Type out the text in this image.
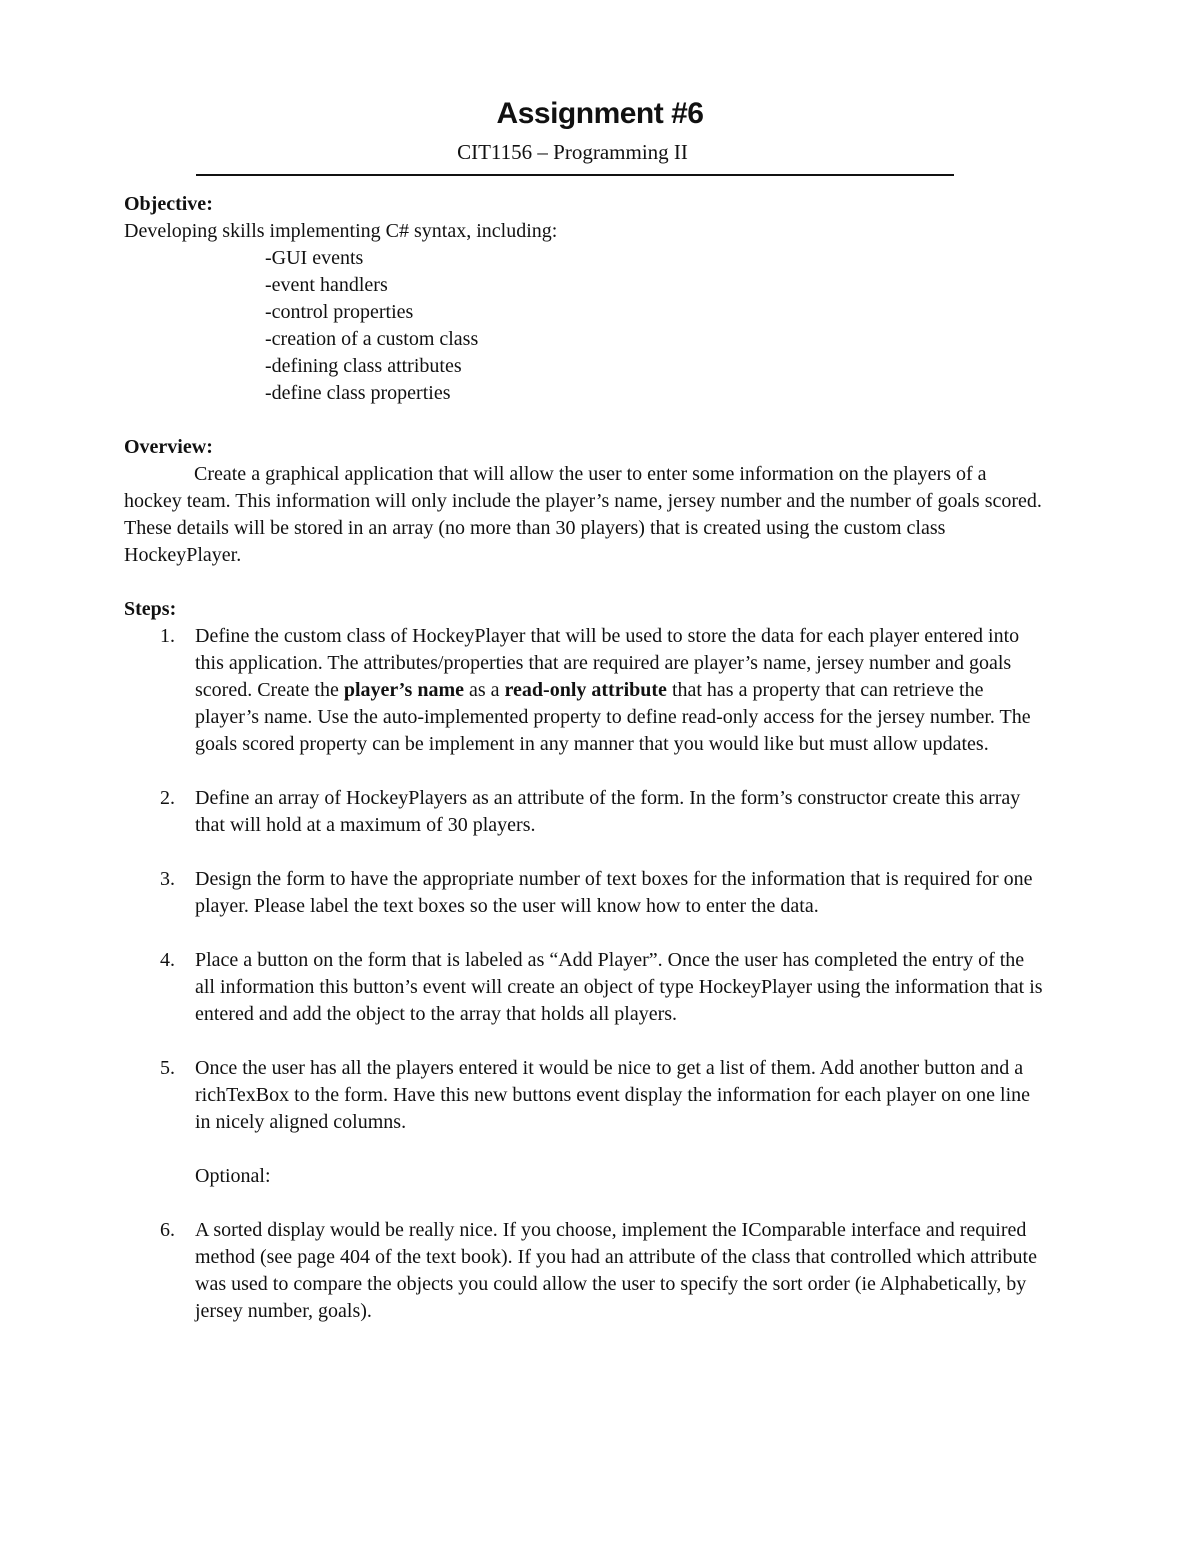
Assignment #6
CIT1156 – Programming II

Objective:

Developing skills implementing C# syntax, including:

-GUI events
-event handlers
-control properties
-creation of a custom class
-defining class attributes
-define class properties

Overview:

Create a graphical application that will allow the user to enter some information on the players of a hockey team. This information will only include the player’s name, jersey number and the number of goals scored. These details will be stored in an array (no more than 30 players) that is created using the custom class HockeyPlayer.

Steps:

1. Define the custom class of HockeyPlayer that will be used to store the data for each player entered into this application. The attributes/properties that are required are player’s name, jersey number and goals scored. Create the player’s name as a read-only attribute that has a property that can retrieve the player’s name. Use the auto-implemented property to define read-only access for the jersey number. The goals scored property can be implement in any manner that you would like but must allow updates.

2. Define an array of HockeyPlayers as an attribute of the form. In the form’s constructor create this array that will hold at a maximum of 30 players.

3. Design the form to have the appropriate number of text boxes for the information that is required for one player. Please label the text boxes so the user will know how to enter the data.

4. Place a button on the form that is labeled as “Add Player”. Once the user has completed the entry of the all information this button’s event will create an object of type HockeyPlayer using the information that is entered and add the object to the array that holds all players.

5. Once the user has all the players entered it would be nice to get a list of them. Add another button and a richTexBox to the form. Have this new buttons event display the information for each player on one line in nicely aligned columns.

Optional:

6. A sorted display would be really nice. If you choose, implement the IComparable interface and required method (see page 404 of the text book). If you had an attribute of the class that controlled which attribute was used to compare the objects you could allow the user to specify the sort order (ie Alphabetically, by jersey number, goals).
